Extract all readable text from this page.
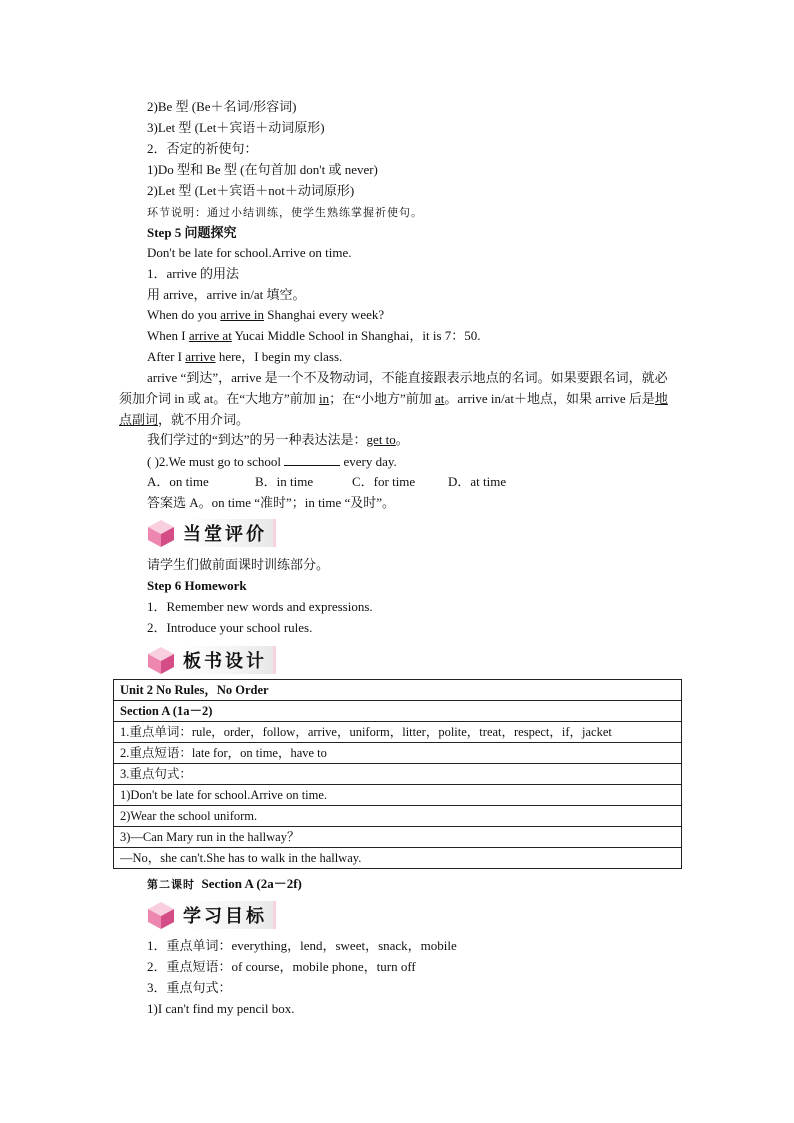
2)Be 型 (Be＋名词/形容词)
3)Let 型 (Let＋宾语＋动词原形)
2．否定的祈使句：
1)Do 型和 Be 型 (在句首加 don't 或 never)
2)Let 型 (Let＋宾语＋not＋动词原形)
环节说明：通过小结训练，使学生熟练掌握祈使句。
Step 5 问题探究
Don't be late for school.Arrive on time.
1．arrive 的用法
用 arrive，arrive in/at 填空。
When do you arrive in Shanghai every week?
When I arrive at Yucai Middle School in Shanghai，it is 7：50.
After I arrive here，I begin my class.
arrive “到达”，arrive 是一个不及物动词，不能直接跟表示地点的名词。如果要跟名词，就必须加介词 in 或 at。在“大地方”前加 in；在“小地方”前加 at。arrive in/at＋地点，如果 arrive 后是地点副词，就不用介词。
我们学过的“到达”的另一种表达法是：get to。
( )2.We must go to school	every day.
A．on time	B．in time	C．for time	D．at time
答案选 A。on time “准时”；in time “及时”。
当堂评价
请学生们做前面课时训练部分。
Step 6 Homework
1．Remember new words and expressions.
2．Introduce your school rules.
板书设计
Unit 2 No Rules，No Order
Section A (1a－2)
1.重点单词：rule，order，follow，arrive，uniform，litter，polite，treat，respect，if，jacket
2.重点短语：late for，on time，have to
3.重点句式：
1)Don't be late for school.Arrive on time.
2)Wear the school uniform.
3)—Can Mary run in the hallway？
—No，she can't.She has to walk in the hallway.
第二课时 Section A (2a－2f)
学习目标
1．重点单词：everything，lend，sweet，snack，mobile
2．重点短语：of course，mobile phone，turn off
3．重点句式：
1)I can't find my pencil box.
